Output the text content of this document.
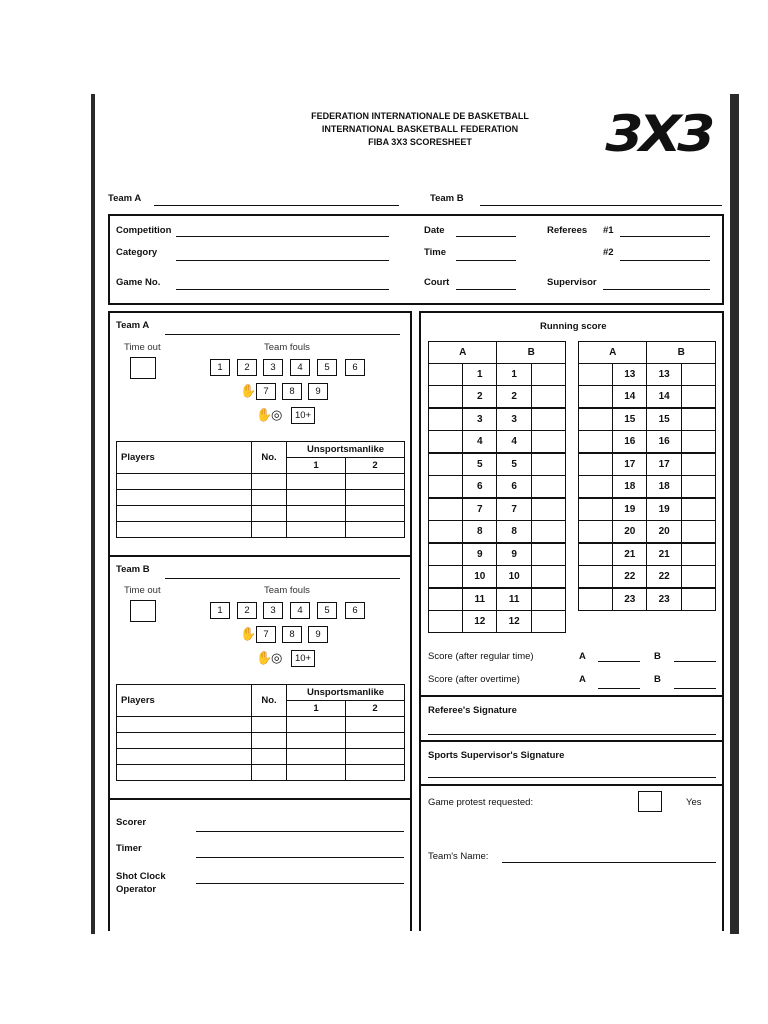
FEDERATION INTERNATIONALE DE BASKETBALL
INTERNATIONAL BASKETBALL FEDERATION
FIBA 3X3 SCORESHEET	3X3
Team A	Team B
Competition
Category
Game No.
Date
Time
Court
Referees #1
#2
Supervisor
Team A
Time out	Team fouls
1	2	3	4	5	6
✋ 7	8	9
✋
◎	10+
Players	No.	Unsportsmanlike	
		1	2

Team B
Time out	Team fouls
1	2	3	4	5	6
✋ 7	8	9
✋
◎	10+
Players	No.	Unsportsmanlike	
		1	2

Scorer
Timer
Shot Clock
Operator
Running score
A		B	
	1	1	
	2	2	
	3	3	
	4	4	
	5	5	
	6	6	
	7	7	
	8	8	
	9	9	
	10	10	
	11	11	
	12	12	
A		B	
	13	13	
	14	14	
	15	15	
	16	16	
	17	17	
	18	18	
	19	19	
	20	20	
	21	21	
	22	22	
	23	23	
Score (after regular time)	A	B
Score (after overtime)	A	B
Referee's Signature
Sports Supervisor's Signature
Game protest requested:	Yes
Team's Name:
